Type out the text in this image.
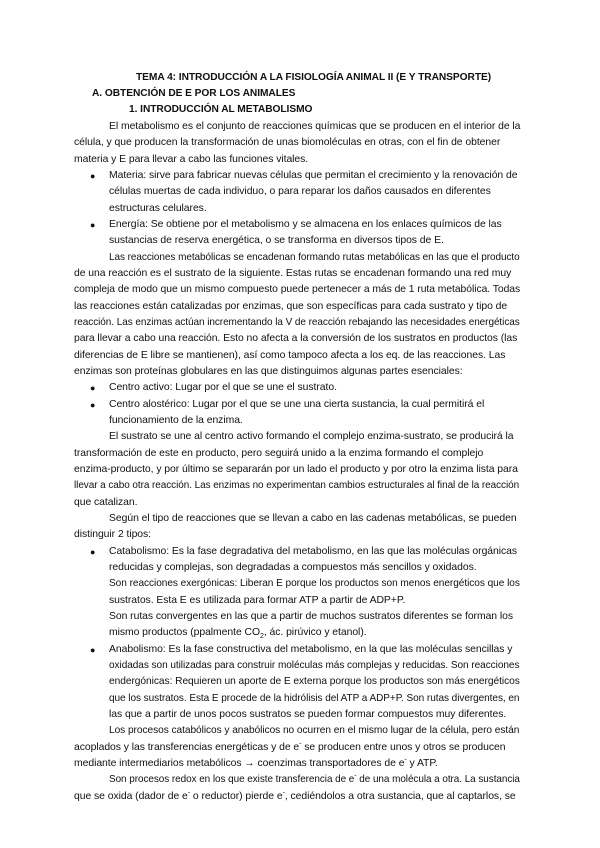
TEMA 4: INTRODUCCIÓN A LA FISIOLOGÍA ANIMAL II (E Y TRANSPORTE)
A. OBTENCIÓN DE E POR LOS ANIMALES
1. INTRODUCCIÓN AL METABOLISMO
El metabolismo es el conjunto de reacciones químicas que se producen en el interior de la
célula, y que producen la transformación de unas biomoléculas en otras, con el fin de obtener
materia y E para llevar a cabo las funciones vitales.
● Materia: sirve para fabricar nuevas células que permitan el crecimiento y la renovación de
células muertas de cada individuo, o para reparar los daños causados en diferentes
estructuras celulares.
● Energía: Se obtiene por el metabolismo y se almacena en los enlaces químicos de las
sustancias de reserva energética, o se transforma en diversos tipos de E.
Las reacciones metabólicas se encadenan formando rutas metabólicas en las que el producto
de una reacción es el sustrato de la siguiente. Estas rutas se encadenan formando una red muy
compleja de modo que un mismo compuesto puede pertenecer a más de 1 ruta metabólica. Todas
las reacciones están catalizadas por enzimas, que son específicas para cada sustrato y tipo de
reacción. Las enzimas actúan incrementando la V de reacción rebajando las necesidades energéticas
para llevar a cabo una reacción. Esto no afecta a la conversión de los sustratos en productos (las
diferencias de E libre se mantienen), así como tampoco afecta a los eq. de las reacciones. Las
enzimas son proteínas globulares en las que distinguimos algunas partes esenciales:
● Centro activo: Lugar por el que se une el sustrato.
● Centro alostérico: Lugar por el que se une una cierta sustancia, la cual permitirá el
funcionamiento de la enzima.
El sustrato se une al centro activo formando el complejo enzima-sustrato, se producirá la
transformación de este en producto, pero seguirá unido a la enzima formando el complejo
enzima-producto, y por último se separarán por un lado el producto y por otro la enzima lista para
llevar a cabo otra reacción. Las enzimas no experimentan cambios estructurales al final de la reacción
que catalizan.
Según el tipo de reacciones que se llevan a cabo en las cadenas metabólicas, se pueden
distinguir 2 tipos:
● Catabolismo: Es la fase degradativa del metabolismo, en las que las moléculas orgánicas
reducidas y complejas, son degradadas a compuestos más sencillos y oxidados.
Son reacciones exergónicas: Liberan E porque los productos son menos energéticos que los
sustratos. Esta E es utilizada para formar ATP a partir de ADP+P.
Son rutas convergentes en las que a partir de muchos sustratos diferentes se forman los
mismo productos (ppalmente $CO_2$, ác. pirúvico y etanol).
● Anabolismo: Es la fase constructiva del metabolismo, en la que las moléculas sencillas y
oxidadas son utilizadas para construir moléculas más complejas y reducidas. Son reacciones
endergónicas: Requieren un aporte de E externa porque los productos son más energéticos
que los sustratos. Esta E procede de la hidrólisis del ATP a ADP+P. Son rutas divergentes, en
las que a partir de unos pocos sustratos se pueden formar compuestos muy diferentes.
Los procesos catabólicos y anabólicos no ocurren en el mismo lugar de la célula, pero están
acoplados y las transferencias energéticas y de e- se producen entre unos y otros se producen
mediante intermediarios metabólicos → coenzimas transportadores de e- y ATP.
Son procesos redox en los que existe transferencia de e- de una molécula a otra. La sustancia
que se oxida (dador de e- o reductor) pierde e-, cediéndolos a otra sustancia, que al captarlos, se
